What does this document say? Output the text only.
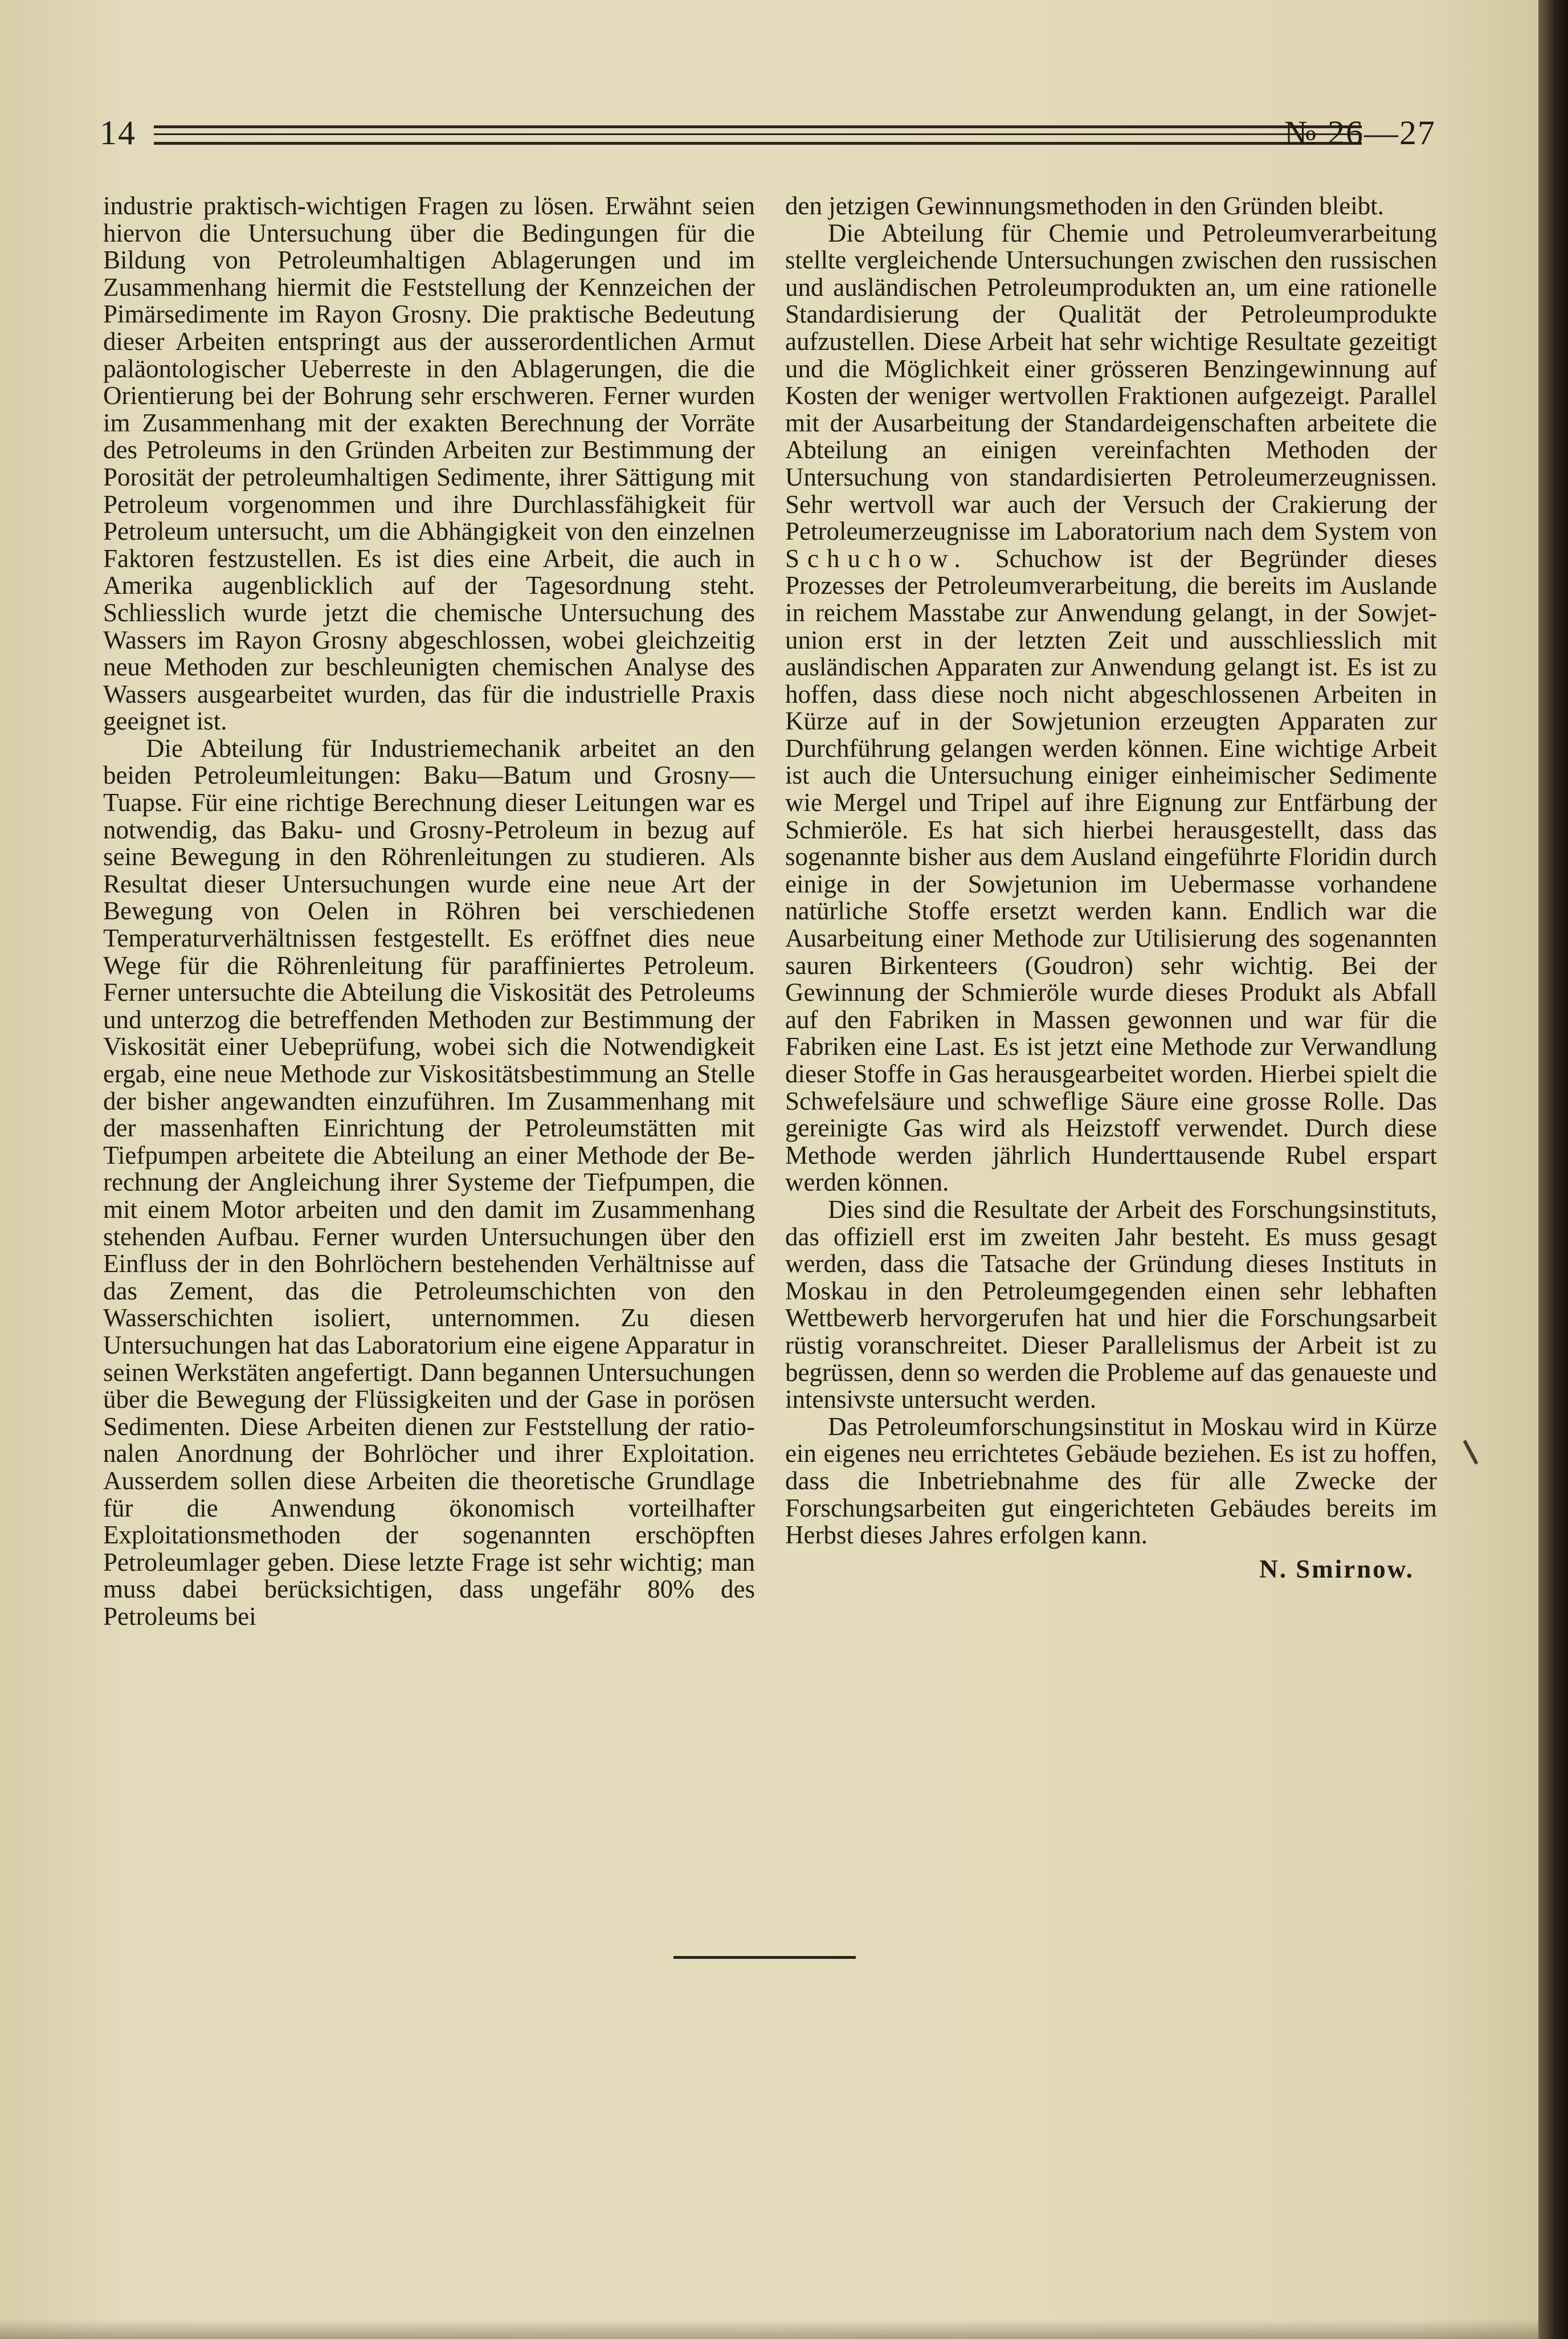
14	№ 26—27

industrie praktisch-wichtigen Fragen zu lösen. Erwähnt seien hiervon die Untersuchung über die Bedingungen für die Bildung von Petroleumhaltigen Ablagerungen und im Zusammenhang hiermit die Feststellung der Kennzeichen der Pimärsedimente im Rayon Grosny. Die praktische Bedeutung dieser Arbeiten entspringt aus der ausserordentlichen Armut paläontologischer Ueberreste in den Ablagerungen, die die Orientierung bei der Bohrung sehr erschweren. Ferner wurden im Zusammenhang mit der exakten Berechnung der Vorräte des Petroleums in den Gründen Arbeiten zur Bestimmung der Porosität der petroleumhaltigen Sedimente, ihrer Sättigung mit Petroleum vorgenommen und ihre Durchlassfähigkeit für Petroleum untersucht, um die Abhängigkeit von den einzelnen Faktoren festzustellen. Es ist dies eine Arbeit, die auch in Amerika augenblicklich auf der Tagesordnung steht. Schliesslich wurde jetzt die chemische Untersuchung des Wassers im Rayon Grosny abgeschlossen, wobei gleichzeitig neue Methoden zur beschleunigten chemischen Analyse des Wassers ausgearbeitet wurden, das für die industrielle Praxis geeignet ist.

Die Abteilung für Industriemechanik arbeitet an den beiden Petroleumleitungen: Baku—Batum und Grosny—Tuapse. Für eine richtige Berechnung dieser Leitungen war es notwendig, das Baku- und Grosny-Petroleum in bezug auf seine Bewegung in den Röhrenleitungen zu studieren. Als Resultat dieser Untersuchungen wurde eine neue Art der Bewegung von Oelen in Röhren bei verschiedenen Temperaturverhältnissen festgestellt. Es eröffnet dies neue Wege für die Röhrenleitung für paraffiniertes Petroleum. Ferner untersuchte die Abteilung die Viskosität des Petroleums und unterzog die betreffenden Methoden zur Bestimmung der Viskosität einer Uebeprüfung, wobei sich die Notwendigkeit ergab, eine neue Methode zur Viskositätsbestimmung an Stelle der bisher angewandten einzuführen. Im Zusammenhang mit der massenhaften Einrichtung der Petroleumstätten mit Tiefpumpen arbeitete die Abteilung an einer Methode der Berechnung der Angleichung ihrer Systeme der Tiefpumpen, die mit einem Motor arbeiten und den damit im Zusammenhang stehenden Aufbau. Ferner wurden Untersuchungen über den Einfluss der in den Bohrlöchern bestehenden Verhältnisse auf das Zement, das die Petroleumschichten von den Wasserschichten isoliert, unternommen. Zu diesen Untersuchungen hat das Laboratorium eine eigene Apparatur in seinen Werkstäten angefertigt. Dann begannen Untersuchungen über die Bewegung der Flüssigkeiten und der Gase in porösen Sedimenten. Diese Arbeiten dienen zur Feststellung der rationalen Anordnung der Bohrlöcher und ihrer Exploitation. Ausserdem sollen diese Arbeiten die theoretische Grundlage für die Anwendung ökonomisch vorteilhafter Exploitationsmethoden der sogenannten erschöpften Petroleumlager geben. Diese letzte Frage ist sehr wichtig; man muss dabei berücksichtigen, dass ungefähr 80% des Petroleums bei

den jetzigen Gewinnungsmethoden in den Gründen bleibt.

Die Abteilung für Chemie und Petroleumverarbeitung stellte vergleichende Untersuchungen zwischen den russischen und ausländischen Petroleumprodukten an, um eine rationelle Standardisierung der Qualität der Petroleumprodukte aufzustellen. Diese Arbeit hat sehr wichtige Resultate gezeitigt und die Möglichkeit einer grösseren Benzingewinnung auf Kosten der weniger wertvollen Fraktionen aufgezeigt. Parallel mit der Ausarbeitung der Standardeigenschaften arbeitete die Abteilung an einigen vereinfachten Methoden der Untersuchung von standardisierten Petroleumerzeugnissen. Sehr wertvoll war auch der Versuch der Crakierung der Petroleumerzeugnisse im Laboratorium nach dem System von Schuchow. Schuchow ist der Begründer dieses Prozesses der Petroleumverarbeitung, die bereits im Auslande in reichem Masstabe zur Anwendung gelangt, in der Sowjetunion erst in der letzten Zeit und ausschliesslich mit ausländischen Apparaten zur Anwendung gelangt ist. Es ist zu hoffen, dass diese noch nicht abgeschlossenen Arbeiten in Kürze auf in der Sowjetunion erzeugten Apparaten zur Durchführung gelangen werden können. Eine wichtige Arbeit ist auch die Untersuchung einiger einheimischer Sedimente wie Mergel und Tripel auf ihre Eignung zur Entfärbung der Schmieröle. Es hat sich hierbei herausgestellt, dass das sogenannte bisher aus dem Ausland eingeführte Floridin durch einige in der Sowjetunion im Uebermasse vorhandene natürliche Stoffe ersetzt werden kann. Endlich war die Ausarbeitung einer Methode zur Utilisierung des sogenannten sauren Birkenteers (Goudron) sehr wichtig. Bei der Gewinnung der Schmieröle wurde dieses Produkt als Abfall auf den Fabriken in Massen gewonnen und war für die Fabriken eine Last. Es ist jetzt eine Methode zur Verwandlung dieser Stoffe in Gas herausgearbeitet worden. Hierbei spielt die Schwefelsäure und schweflige Säure eine grosse Rolle. Das gereinigte Gas wird als Heizstoff verwendet. Durch diese Methode werden jährlich Hunderttausende Rubel erspart werden können.

Dies sind die Resultate der Arbeit des Forschungsinstituts, das offiziell erst im zweiten Jahr besteht. Es muss gesagt werden, dass die Tatsache der Gründung dieses Instituts in Moskau in den Petroleumgegenden einen sehr lebhaften Wettbewerb hervorgerufen hat und hier die Forschungsarbeit rüstig voranschreitet. Dieser Parallelismus der Arbeit ist zu begrüssen, denn so werden die Probleme auf das genaueste und intensivste untersucht werden.

Das Petroleumforschungsinstitut in Moskau wird in Kürze ein eigenes neu errichtetes Gebäude beziehen. Es ist zu hoffen, dass die Inbetriebnahme des für alle Zwecke der Forschungsarbeiten gut eingerichteten Gebäudes bereits im Herbst dieses Jahres erfolgen kann.

N. Smirnow.
